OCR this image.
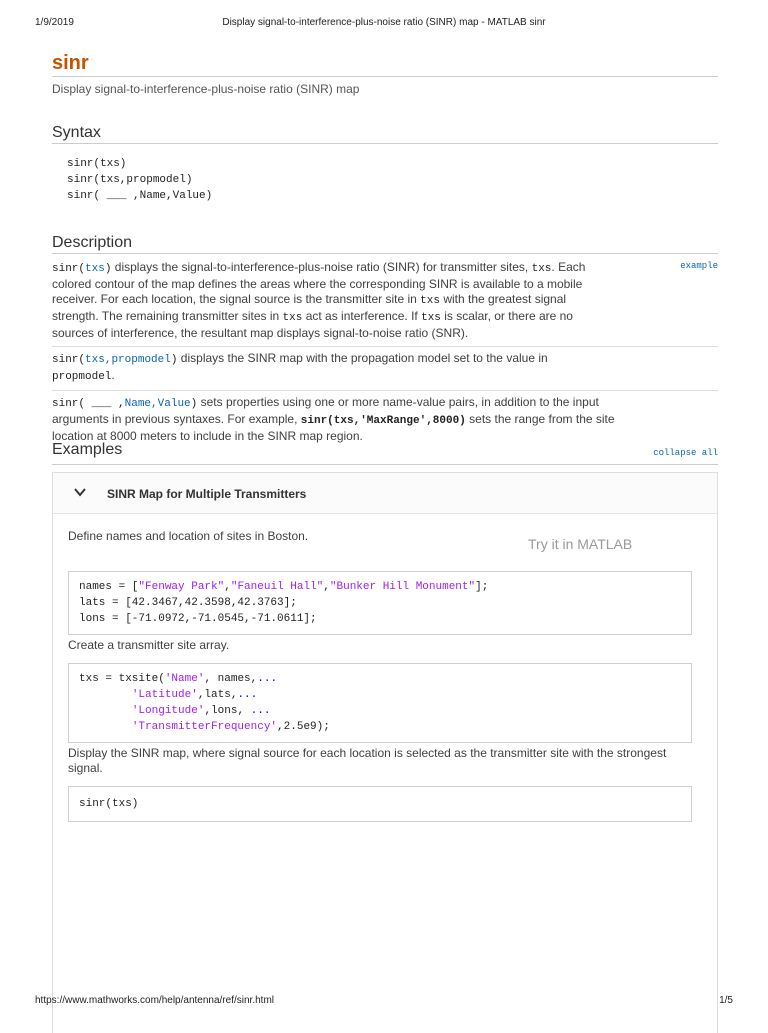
1/9/2019	Display signal-to-interference-plus-noise ratio (SINR) map - MATLAB sinr
sinr
Display signal-to-interference-plus-noise ratio (SINR) map
Syntax
sinr(txs)
sinr(txs,propmodel)
sinr( ___ ,Name,Value)
Description
sinr(txs) displays the signal-to-interference-plus-noise ratio (SINR) for transmitter sites, txs. Each colored contour of the map defines the areas where the corresponding SINR is available to a mobile receiver. For each location, the signal source is the transmitter site in txs with the greatest signal strength. The remaining transmitter sites in txs act as interference. If txs is scalar, or there are no sources of interference, the resultant map displays signal-to-noise ratio (SNR).
example
sinr(txs,propmodel) displays the SINR map with the propagation model set to the value in propmodel.
sinr( ___ ,Name,Value) sets properties using one or more name-value pairs, in addition to the input arguments in previous syntaxes. For example, sinr(txs,'MaxRange',8000) sets the range from the site location at 8000 meters to include in the SINR map region.
Examples	collapse all
SINR Map for Multiple Transmitters
Define names and location of sites in Boston.	Try it in MATLAB
names = ["Fenway Park","Faneuil Hall","Bunker Hill Monument"];
lats = [42.3467,42.3598,42.3763];
lons = [-71.0972,-71.0545,-71.0611];
Create a transmitter site array.
txs = txsite('Name', names,...
'Latitude',lats,...
'Longitude',lons, ...
'TransmitterFrequency',2.5e9);
Display the SINR map, where signal source for each location is selected as the transmitter site with the strongest signal.
sinr(txs)
https://www.mathworks.com/help/antenna/ref/sinr.html	1/5
